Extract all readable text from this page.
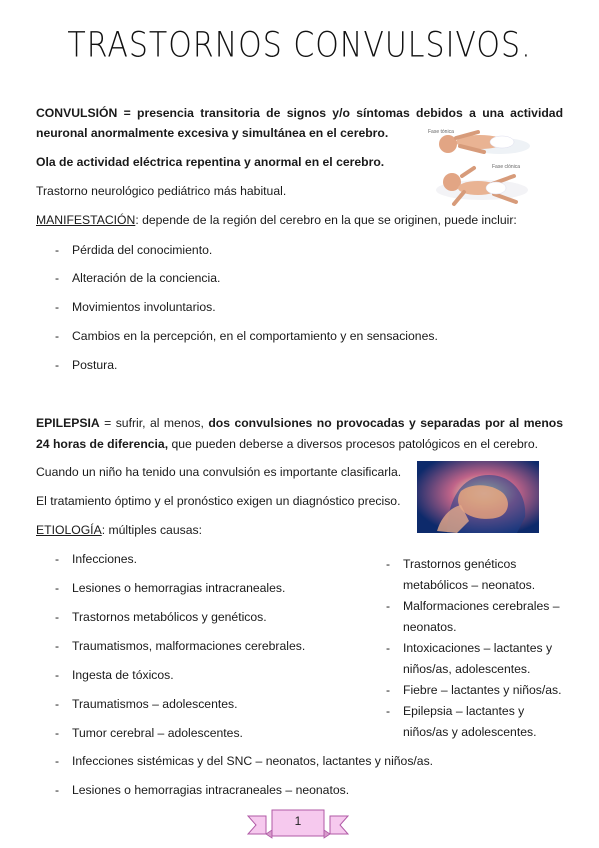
TRASTORNOS CONVULSIVOS.
CONVULSIÓN = presencia transitoria de signos y/o síntomas debidos a una actividad neuronal anormalmente excesiva y simultánea en el cerebro.
Ola de actividad eléctrica repentina y anormal en el cerebro.
Trastorno neurológico pediátrico más habitual.
Fase tónica
Fase clónica
MANIFESTACIÓN: depende de la región del cerebro en la que se originen, puede incluir:
- Pérdida del conocimiento.
- Alteración de la conciencia.
- Movimientos involuntarios.
- Cambios en la percepción, en el comportamiento y en sensaciones.
- Postura.
EPILEPSIA = sufrir, al menos, dos convulsiones no provocadas y separadas por al menos 24 horas de diferencia, que pueden deberse a diversos procesos patológicos en el cerebro.
Cuando un niño ha tenido una convulsión es importante clasificarla.
El tratamiento óptimo y el pronóstico exigen un diagnóstico preciso.
ETIOLOGÍA: múltiples causas:
- Infecciones.
- Lesiones o hemorragias intracraneales.
- Trastornos metabólicos y genéticos.
- Traumatismos, malformaciones cerebrales.
- Ingesta de tóxicos.
- Traumatismos – adolescentes.
- Tumor cerebral – adolescentes.
- Infecciones sistémicas y del SNC – neonatos, lactantes y niños/as.
- Lesiones o hemorragias intracraneales – neonatos.
- Trastornos genéticos metabólicos – neonatos.
- Malformaciones cerebrales – neonatos.
- Intoxicaciones – lactantes y niños/as, adolescentes.
- Fiebre – lactantes y niños/as.
- Epilepsia – lactantes y niños/as y adolescentes.
1
